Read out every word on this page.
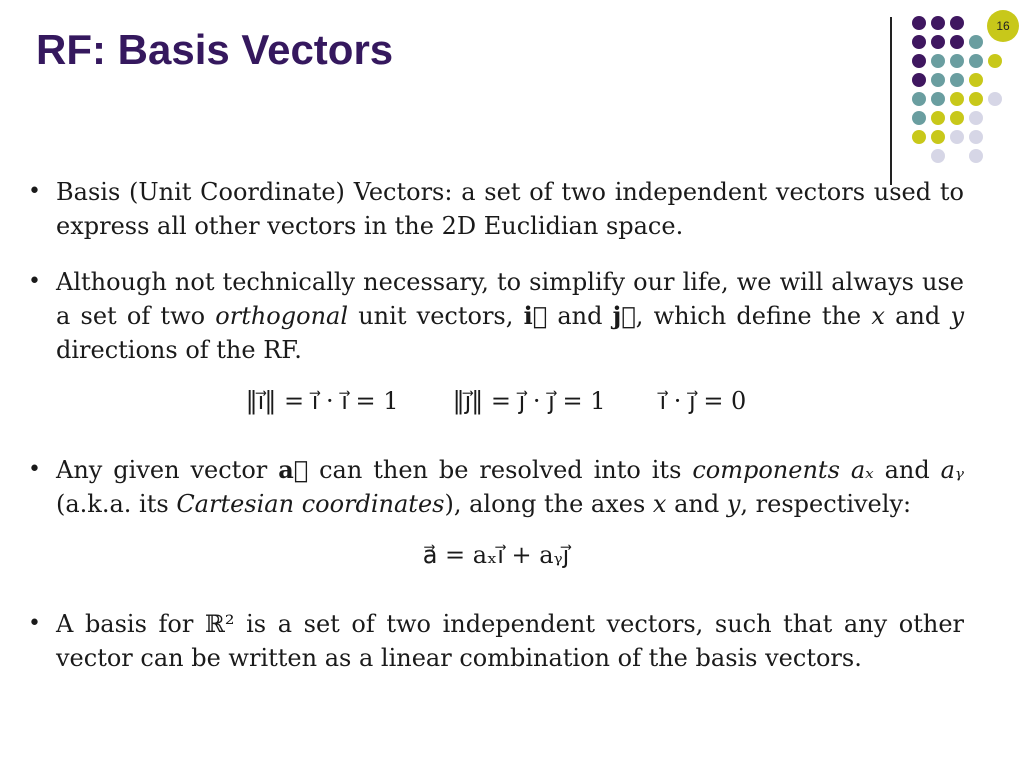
RF: Basis Vectors	16
• Basis (Unit Coordinate) Vectors: a set of two independent vectors used to express all other vectors in the 2D Euclidian space.
• Although not technically necessary, to simplify our life, we will always use a set of two orthogonal unit vectors, i⃗ and j⃗, which define the x and y directions of the RF.
‖i⃗‖ = i⃗ · i⃗ = 1 ‖j⃗‖ = j⃗ · j⃗ = 1 i⃗ · j⃗ = 0
• Any given vector a⃗ can then be resolved into its components aₓ and aᵧ (a.k.a. its Cartesian coordinates), along the axes x and y, respectively:
a⃗ = aₓi⃗ + aᵧj⃗
• A basis for ℝ² is a set of two independent vectors, such that any other vector can be written as a linear combination of the basis vectors.
